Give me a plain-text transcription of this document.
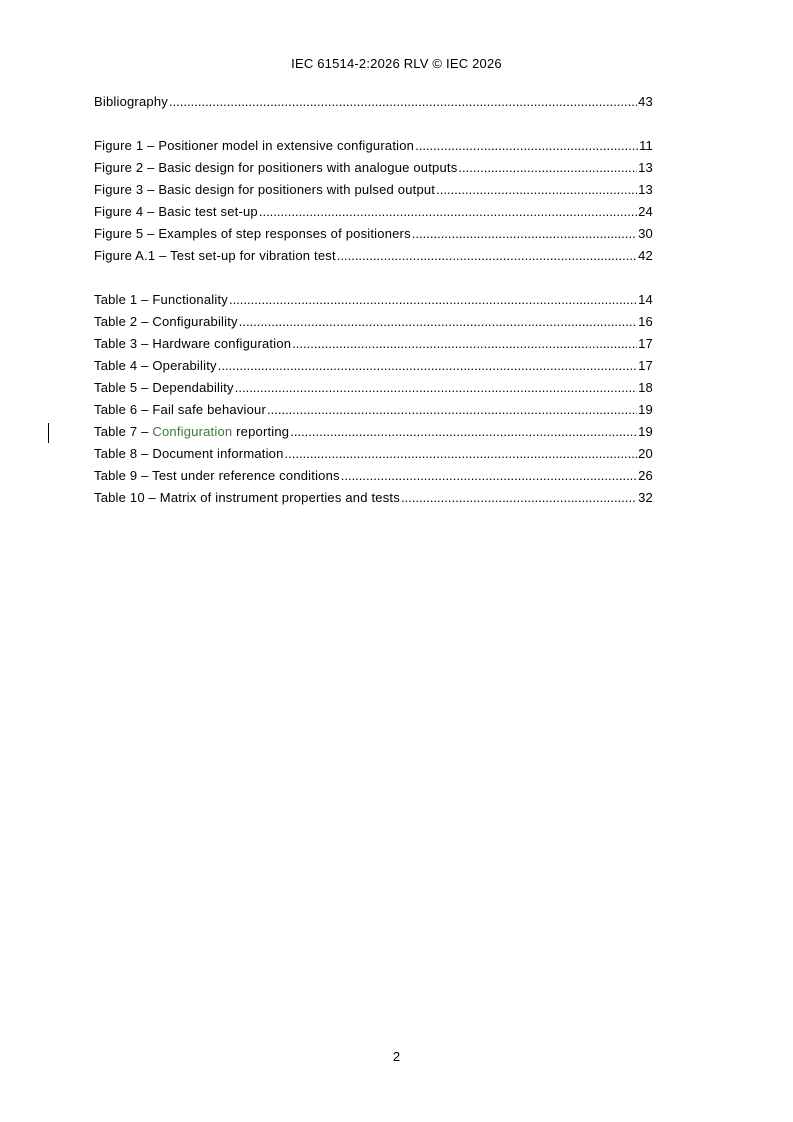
IEC 61514-2:2026 RLV © IEC 2026
Bibliography .....	43
Figure 1 – Positioner model in extensive configuration .....	11
Figure 2 – Basic design for positioners with analogue outputs .....	13
Figure 3 – Basic design for positioners with pulsed output .....	13
Figure 4 – Basic test set-up .....	24
Figure 5 – Examples of step responses of positioners .....	30
Figure A.1 – Test set-up for vibration test .....	42
Table 1 – Functionality .....	14
Table 2 – Configurability .....	16
Table 3 – Hardware configuration .....	17
Table 4 – Operability .....	17
Table 5 – Dependability .....	18
Table 6 – Fail safe behaviour .....	19
Table 7 – Configuration reporting .....	19
Table 8 – Document information .....	20
Table 9 – Test under reference conditions .....	26
Table 10 – Matrix of instrument properties and tests .....	32
2
